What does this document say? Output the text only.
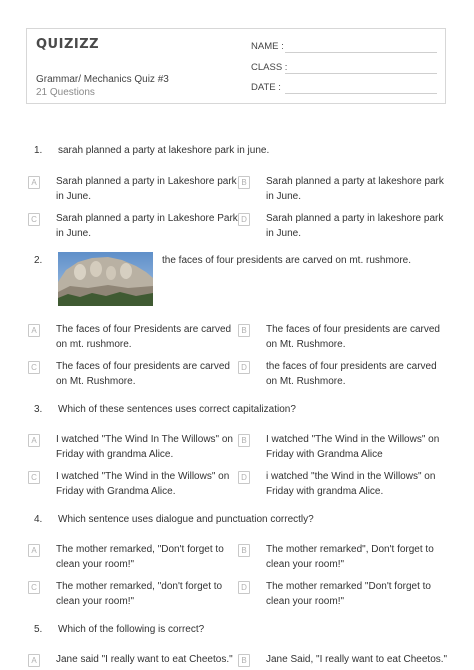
QUIZIZZ
Grammar/ Mechanics Quiz #3
21 Questions
NAME :
CLASS :
DATE :
1. sarah planned a party at lakeshore park in june.
A	Sarah planned a party in Lakeshore park in June.
B	Sarah planned a party at lakeshore park in June.
C	Sarah planned a party in Lakeshore Park in June.
D	Sarah planned a party in lakeshore park in June.
2.	the faces of four presidents are carved on mt. rushmore.
A	The faces of four Presidents are carved on mt. rushmore.
B	The faces of four presidents are carved on Mt. Rushmore.
C	The faces of four presidents are carved on Mt. Rushmore.
D	the faces of four presidents are carved on Mt. Rushmore.
3. Which of these sentences uses correct capitalization?
A	I watched "The Wind In The Willows" on Friday with grandma Alice.
B	I watched "The Wind in the Willows" on Friday with Grandma Alice
C	I watched "The Wind in the Willows" on Friday with Grandma Alice.
D	i watched "the Wind in the Willows" on Friday with grandma Alice.
4. Which sentence uses dialogue and punctuation correctly?
A	The mother remarked, "Don't forget to clean your room!"
B	The mother remarked", Don't forget to clean your room!"
C	The mother remarked, "don't forget to clean your room!"
D	The mother remarked "Don't forget to clean your room!"
5. Which of the following is correct?
A	Jane said "I really want to eat Cheetos."	B	Jane Said, "I really want to eat Cheetos."
